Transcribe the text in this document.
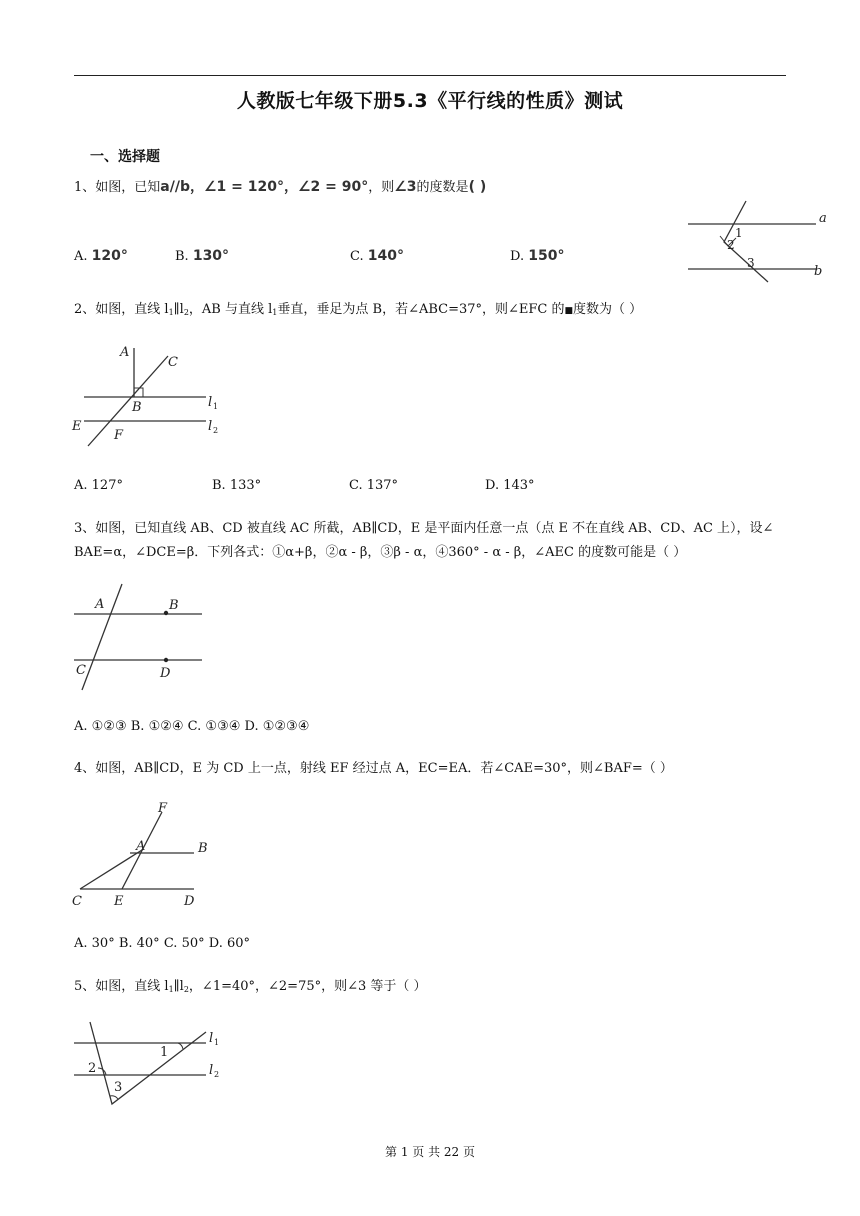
人教版七年级下册5.3《平行线的性质》测试
一、选择题
1、如图，已知a//b，∠1 = 120°，∠2 = 90°，则∠3的度数是( )
A. 120°	B. 130°	C. 140°	D. 150°
a
b
1
2
3
2、如图，直线 $l_1\parallel l_2$，AB 与直线 $l_1$垂直，垂足为点 B，若∠ABC=37°，则∠EFC 的■度数为（ ）
A
C
B
E
F
l 1
l 2
A. 127°	B. 133°	C. 137°	D. 143°
3、如图，已知直线 AB、CD 被直线 AC 所截，AB∥CD，E 是平面内任意一点（点 E 不在直线 AB、CD、AC 上），设∠
BAE=α，∠DCE=β．下列各式：①α+β，②α - β，③β - α，④360° - α - β，∠AEC 的度数可能是（ ）
A	B
C	D
A. ①②③ B. ①②④ C. ①③④ D. ①②③④
4、如图，AB∥CD，E 为 CD 上一点，射线 EF 经过点 A，EC=EA．若∠CAE=30°，则∠BAF=（ ）
F
A	B
C E	D
A. 30° B. 40° C. 50° D. 60°
5、如图，直线 $l_1\parallel l_2$，∠1=40°，∠2=75°，则∠3 等于（ ）
1
2
3
l 1
l 2
第 1 页 共 22 页
